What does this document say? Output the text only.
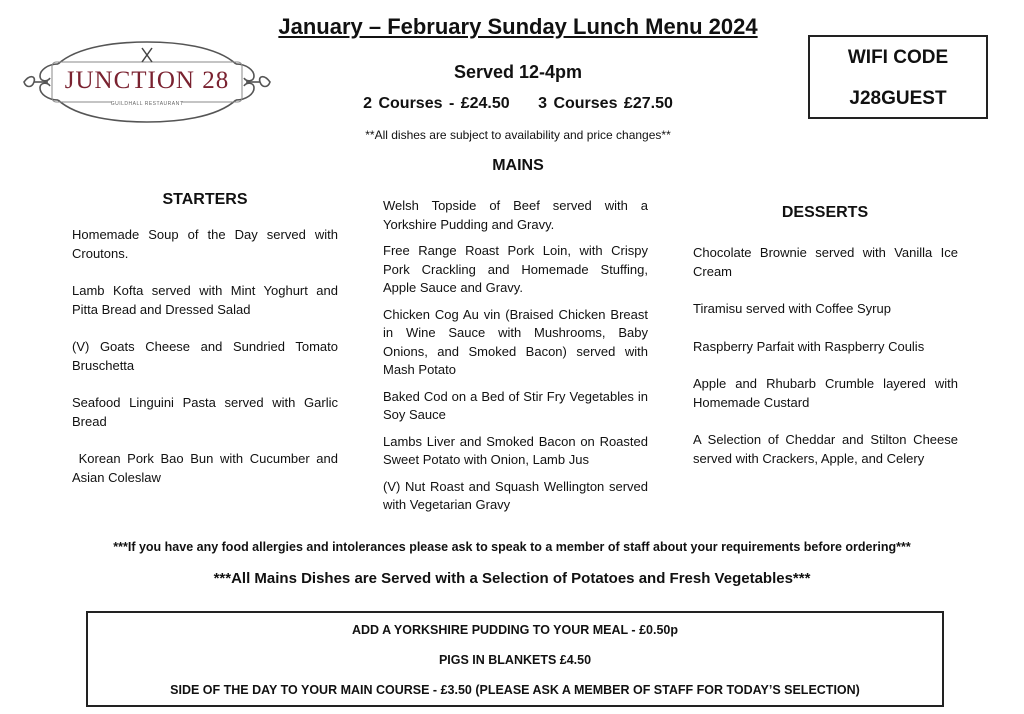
JUNCTION 28
GUILDHALL RESTAURANT
January – February Sunday Lunch Menu 2024
WIFI CODE
J28GUEST
Served 12-4pm
2 Courses - £24.50 3 Courses £27.50
**All dishes are subject to availability and price changes**
MAINS
STARTERS
DESSERTS

Homemade Soup of the Day served with Croutons.

Lamb Kofta served with Mint Yoghurt and Pitta Bread and Dressed Salad

(V) Goats Cheese and Sundried Tomato Bruschetta

Seafood Linguini Pasta served with Garlic Bread

Korean Pork Bao Bun with Cucumber and Asian Coleslaw

Welsh Topside of Beef served with a Yorkshire Pudding and Gravy.

Free Range Roast Pork Loin, with Crispy Pork Crackling and Homemade Stuffing, Apple Sauce and Gravy.

Chicken Cog Au vin (Braised Chicken Breast in Wine Sauce with Mushrooms, Baby Onions, and Smoked Bacon) served with Mash Potato

Baked Cod on a Bed of Stir Fry Vegetables in Soy Sauce

Lambs Liver and Smoked Bacon on Roasted Sweet Potato with Onion, Lamb Jus

(V) Nut Roast and Squash Wellington served with Vegetarian Gravy

Chocolate Brownie served with Vanilla Ice Cream

Tiramisu served with Coffee Syrup

Raspberry Parfait with Raspberry Coulis

Apple and Rhubarb Crumble layered with Homemade Custard

A Selection of Cheddar and Stilton Cheese served with Crackers, Apple, and Celery

***If you have any food allergies and intolerances please ask to speak to a member of staff about your requirements before ordering***
***All Mains Dishes are Served with a Selection of Potatoes and Fresh Vegetables***
ADD A YORKSHIRE PUDDING TO YOUR MEAL - £0.50p
PIGS IN BLANKETS £4.50
SIDE OF THE DAY TO YOUR MAIN COURSE - £3.50 (PLEASE ASK A MEMBER OF STAFF FOR TODAY’S SELECTION)
